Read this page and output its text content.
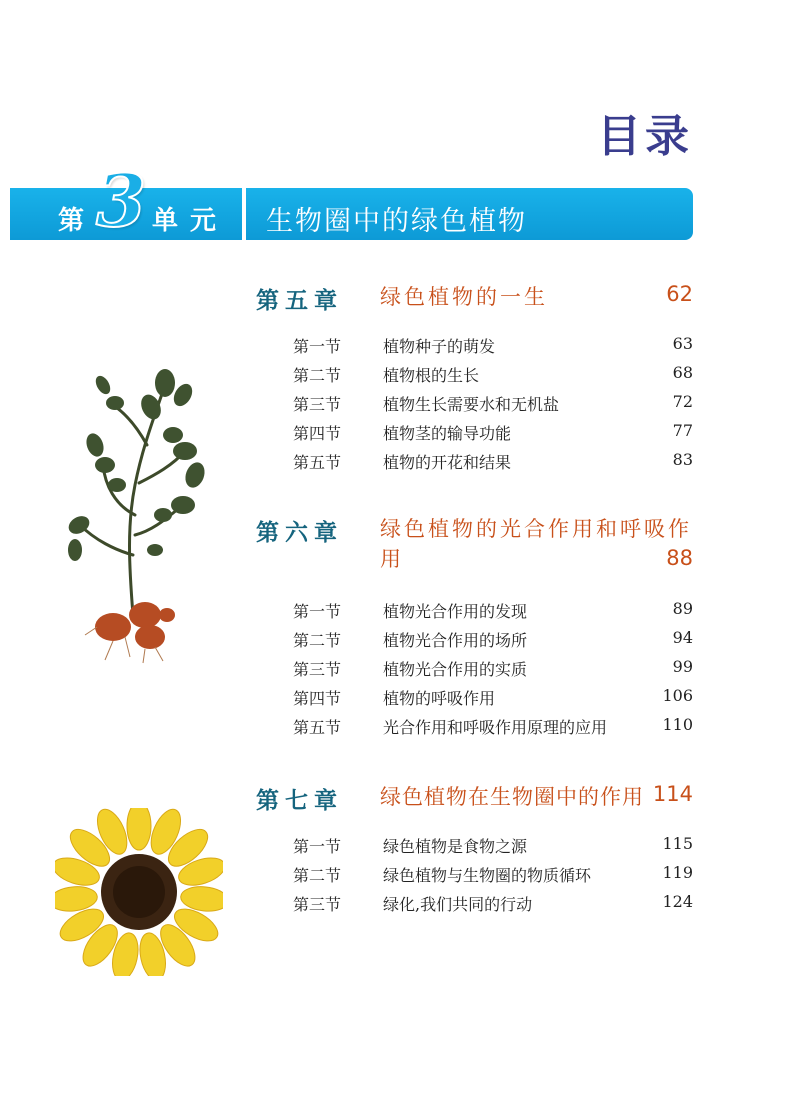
目录
第 3 单元 生物圈中的绿色植物
第五章 绿色植物的一生	62
第一节	植物种子的萌发	63
第二节	植物根的生长	68
第三节	植物生长需要水和无机盐	72
第四节	植物茎的输导功能	77
第五节	植物的开花和结果	83
第六章 绿色植物的光合作用和呼吸作用	88
第一节	植物光合作用的发现	89
第二节	植物光合作用的场所	94
第三节	植物光合作用的实质	99
第四节	植物的呼吸作用	106
第五节	光合作用和呼吸作用原理的应用	110
第七章 绿色植物在生物圈中的作用 114
第一节	绿色植物是食物之源	115
第二节	绿色植物与生物圈的物质循环	119
第三节	绿化,我们共同的行动	124
